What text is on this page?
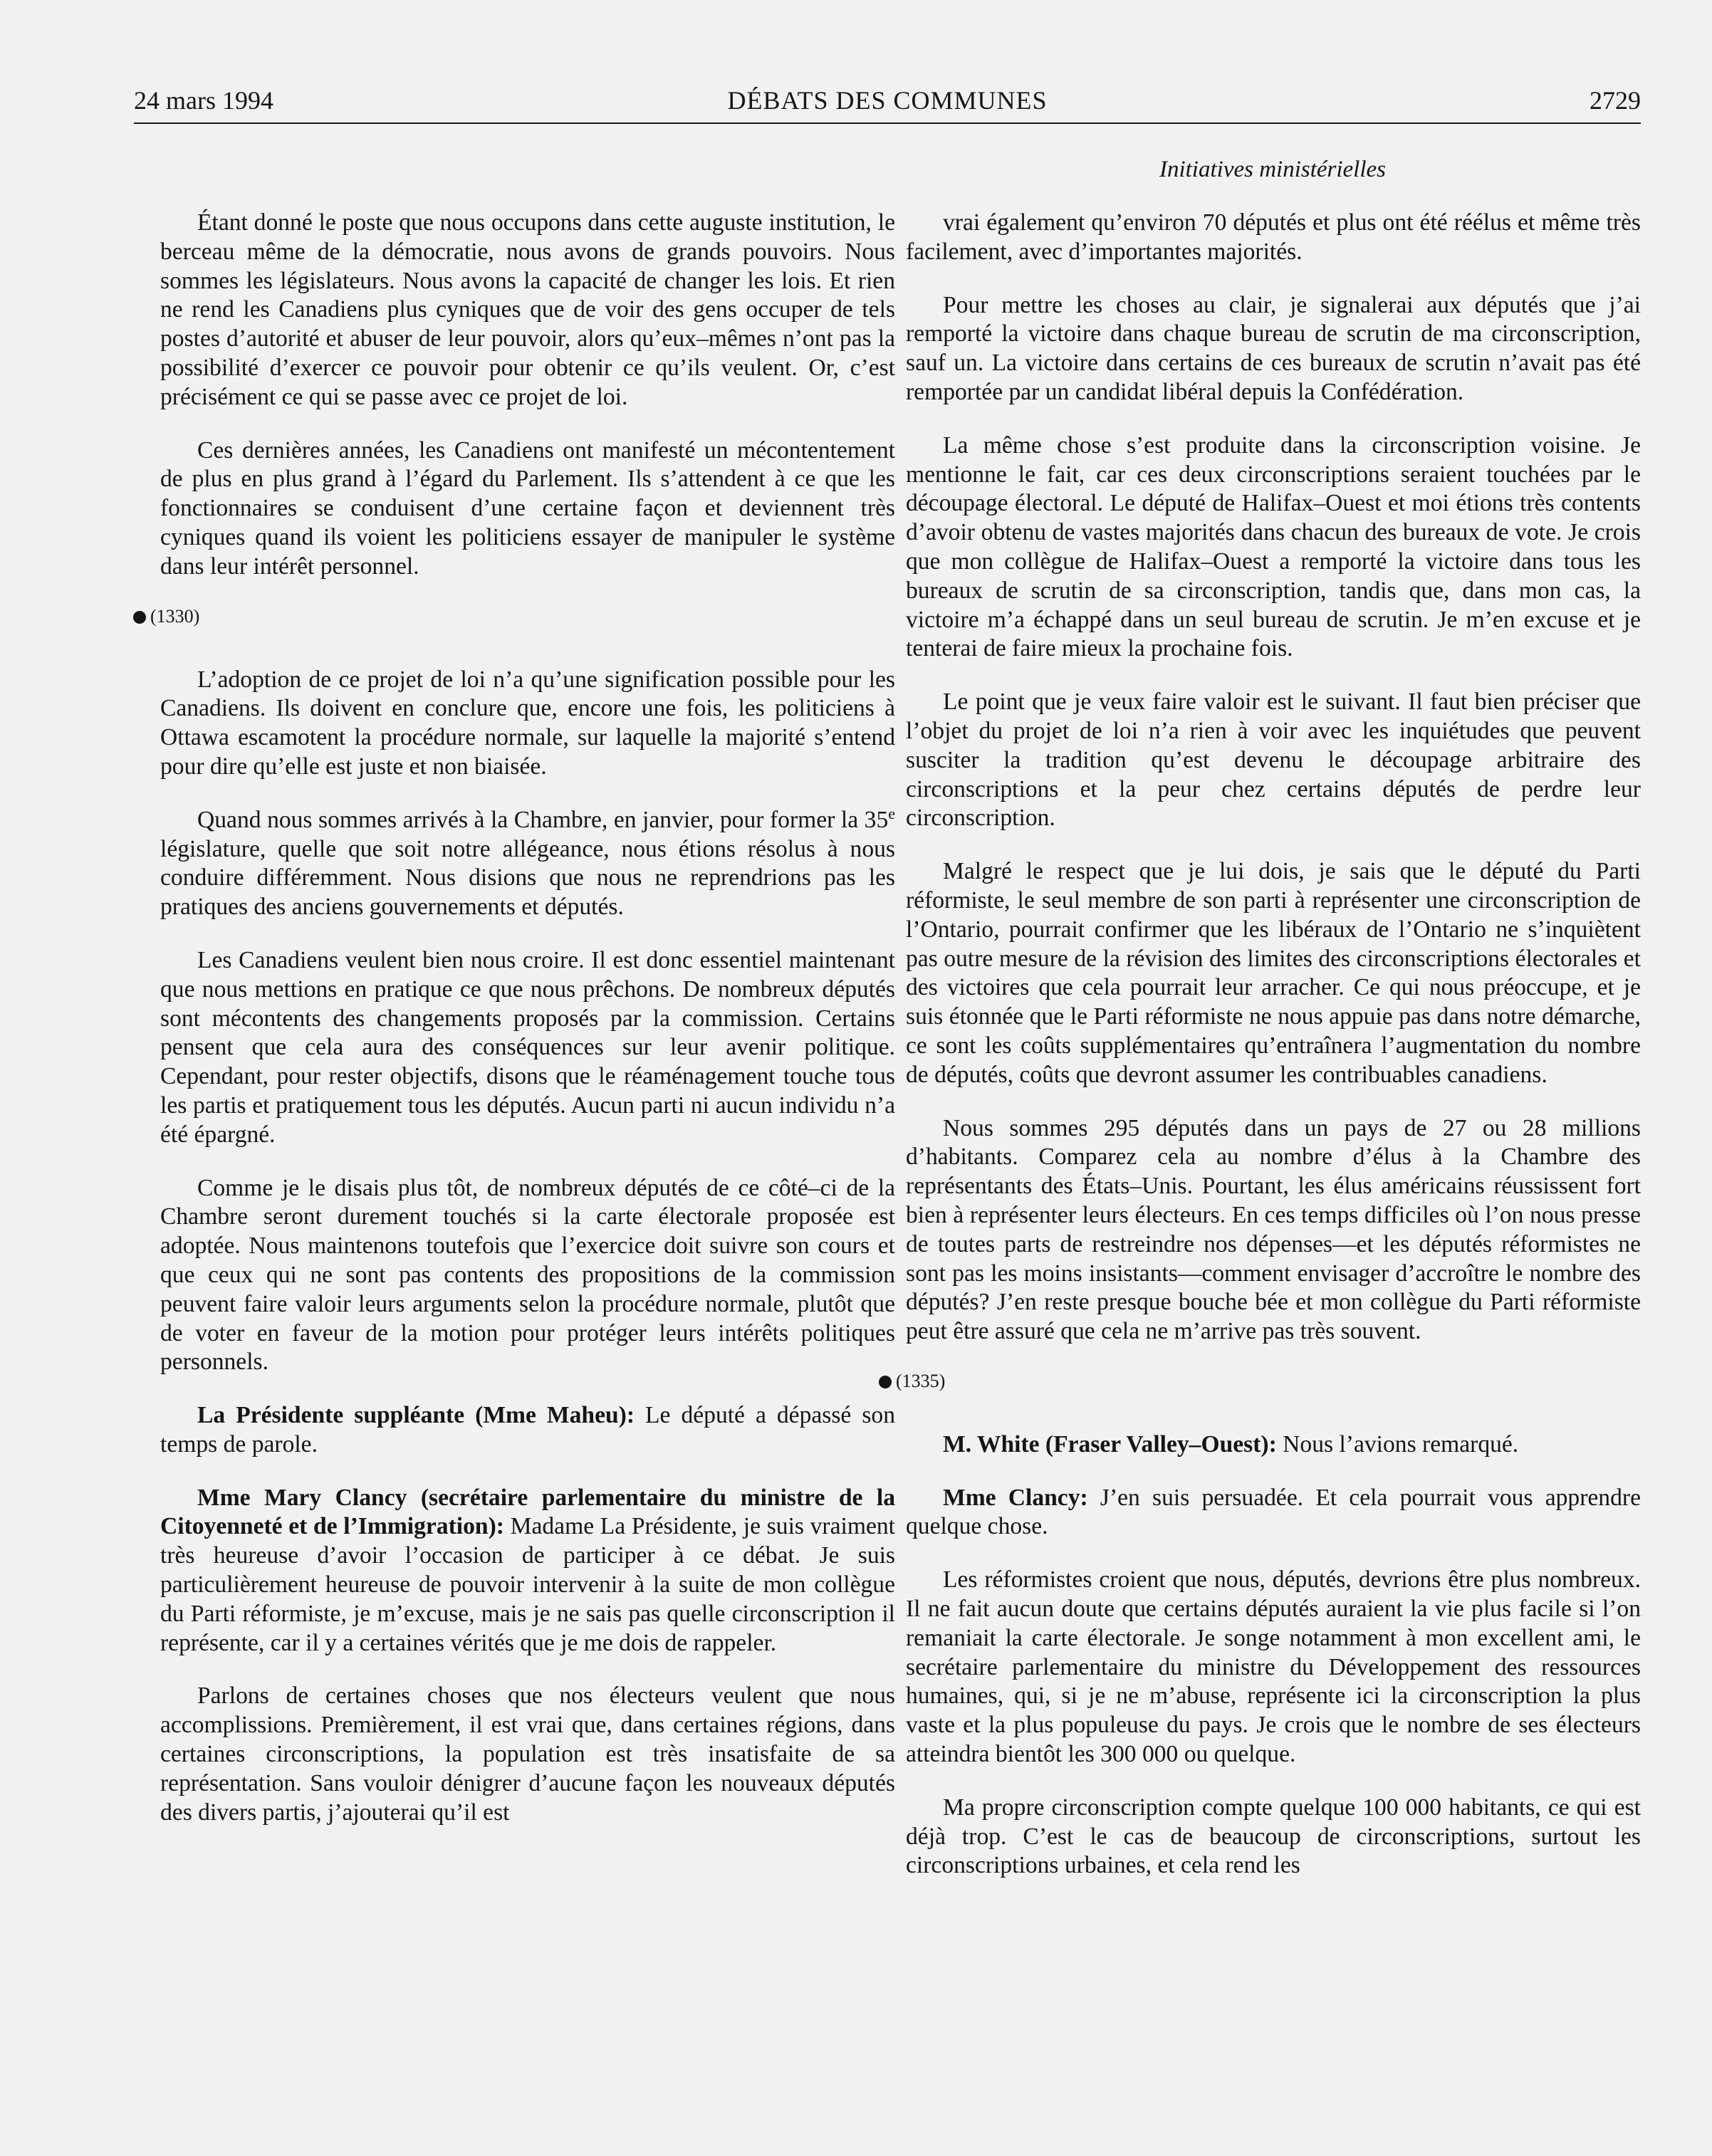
24 mars 1994	DÉBATS DES COMMUNES	2729
Initiatives ministérielles

Étant donné le poste que nous occupons dans cette auguste institution, le berceau même de la démocratie, nous avons de grands pouvoirs. Nous sommes les législateurs. Nous avons la capacité de changer les lois. Et rien ne rend les Canadiens plus cyniques que de voir des gens occuper de tels postes d’autorité et abuser de leur pouvoir, alors qu’eux–mêmes n’ont pas la possibilité d’exercer ce pouvoir pour obtenir ce qu’ils veulent. Or, c’est précisément ce qui se passe avec ce projet de loi.

Ces dernières années, les Canadiens ont manifesté un mécontentement de plus en plus grand à l’égard du Parlement. Ils s’attendent à ce que les fonctionnaires se conduisent d’une certaine façon et deviennent très cyniques quand ils voient les politiciens essayer de manipuler le système dans leur intérêt personnel.

(1330)

L’adoption de ce projet de loi n’a qu’une signification possible pour les Canadiens. Ils doivent en conclure que, encore une fois, les politiciens à Ottawa escamotent la procédure normale, sur laquelle la majorité s’entend pour dire qu’elle est juste et non biaisée.

Quand nous sommes arrivés à la Chambre, en janvier, pour former la 35e législature, quelle que soit notre allégeance, nous étions résolus à nous conduire différemment. Nous disions que nous ne reprendrions pas les pratiques des anciens gouvernements et députés.

Les Canadiens veulent bien nous croire. Il est donc essentiel maintenant que nous mettions en pratique ce que nous prêchons. De nombreux députés sont mécontents des changements proposés par la commission. Certains pensent que cela aura des conséquences sur leur avenir politique. Cependant, pour rester objectifs, disons que le réaménagement touche tous les partis et pratiquement tous les députés. Aucun parti ni aucun individu n’a été épargné.

Comme je le disais plus tôt, de nombreux députés de ce côté–ci de la Chambre seront durement touchés si la carte électorale proposée est adoptée. Nous maintenons toutefois que l’exercice doit suivre son cours et que ceux qui ne sont pas contents des propositions de la commission peuvent faire valoir leurs arguments selon la procédure normale, plutôt que de voter en faveur de la motion pour protéger leurs intérêts politiques personnels.

La Présidente suppléante (Mme Maheu): Le député a dépassé son temps de parole.

Mme Mary Clancy (secrétaire parlementaire du ministre de la Citoyenneté et de l’Immigration): Madame La Présidente, je suis vraiment très heureuse d’avoir l’occasion de participer à ce débat. Je suis particulièrement heureuse de pouvoir intervenir à la suite de mon collègue du Parti réformiste, je m’excuse, mais je ne sais pas quelle circonscription il représente, car il y a certaines vérités que je me dois de rappeler.

Parlons de certaines choses que nos électeurs veulent que nous accomplissions. Premièrement, il est vrai que, dans certaines régions, dans certaines circonscriptions, la population est très insatisfaite de sa représentation. Sans vouloir dénigrer d’aucune façon les nouveaux députés des divers partis, j’ajouterai qu’il est

vrai également qu’environ 70 députés et plus ont été réélus et même très facilement, avec d’importantes majorités.

Pour mettre les choses au clair, je signalerai aux députés que j’ai remporté la victoire dans chaque bureau de scrutin de ma circonscription, sauf un. La victoire dans certains de ces bureaux de scrutin n’avait pas été remportée par un candidat libéral depuis la Confédération.

La même chose s’est produite dans la circonscription voisine. Je mentionne le fait, car ces deux circonscriptions seraient touchées par le découpage électoral. Le député de Halifax–Ouest et moi étions très contents d’avoir obtenu de vastes majorités dans chacun des bureaux de vote. Je crois que mon collègue de Halifax–Ouest a remporté la victoire dans tous les bureaux de scrutin de sa circonscription, tandis que, dans mon cas, la victoire m’a échappé dans un seul bureau de scrutin. Je m’en excuse et je tenterai de faire mieux la prochaine fois.

Le point que je veux faire valoir est le suivant. Il faut bien préciser que l’objet du projet de loi n’a rien à voir avec les inquiétudes que peuvent susciter la tradition qu’est devenu le découpage arbitraire des circonscriptions et la peur chez certains députés de perdre leur circonscription.

Malgré le respect que je lui dois, je sais que le député du Parti réformiste, le seul membre de son parti à représenter une circonscription de l’Ontario, pourrait confirmer que les libéraux de l’Ontario ne s’inquiètent pas outre mesure de la révision des limites des circonscriptions électorales et des victoires que cela pourrait leur arracher. Ce qui nous préoccupe, et je suis étonnée que le Parti réformiste ne nous appuie pas dans notre démarche, ce sont les coûts supplémentaires qu’entraînera l’augmentation du nombre de députés, coûts que devront assumer les contribuables canadiens.

Nous sommes 295 députés dans un pays de 27 ou 28 millions d’habitants. Comparez cela au nombre d’élus à la Chambre des représentants des États–Unis. Pourtant, les élus américains réussissent fort bien à représenter leurs électeurs. En ces temps difficiles où l’on nous presse de toutes parts de restreindre nos dépenses—et les députés réformistes ne sont pas les moins insistants—comment envisager d’accroître le nombre des députés? J’en reste presque bouche bée et mon collègue du Parti réformiste peut être assuré que cela ne m’arrive pas très souvent.

(1335)

M. White (Fraser Valley–Ouest): Nous l’avions remarqué.

Mme Clancy: J’en suis persuadée. Et cela pourrait vous apprendre quelque chose.

Les réformistes croient que nous, députés, devrions être plus nombreux. Il ne fait aucun doute que certains députés auraient la vie plus facile si l’on remaniait la carte électorale. Je songe notamment à mon excellent ami, le secrétaire parlementaire du ministre du Développement des ressources humaines, qui, si je ne m’abuse, représente ici la circonscription la plus vaste et la plus populeuse du pays. Je crois que le nombre de ses électeurs atteindra bientôt les 300 000 ou quelque.

Ma propre circonscription compte quelque 100 000 habitants, ce qui est déjà trop. C’est le cas de beaucoup de circonscriptions, surtout les circonscriptions urbaines, et cela rend les
